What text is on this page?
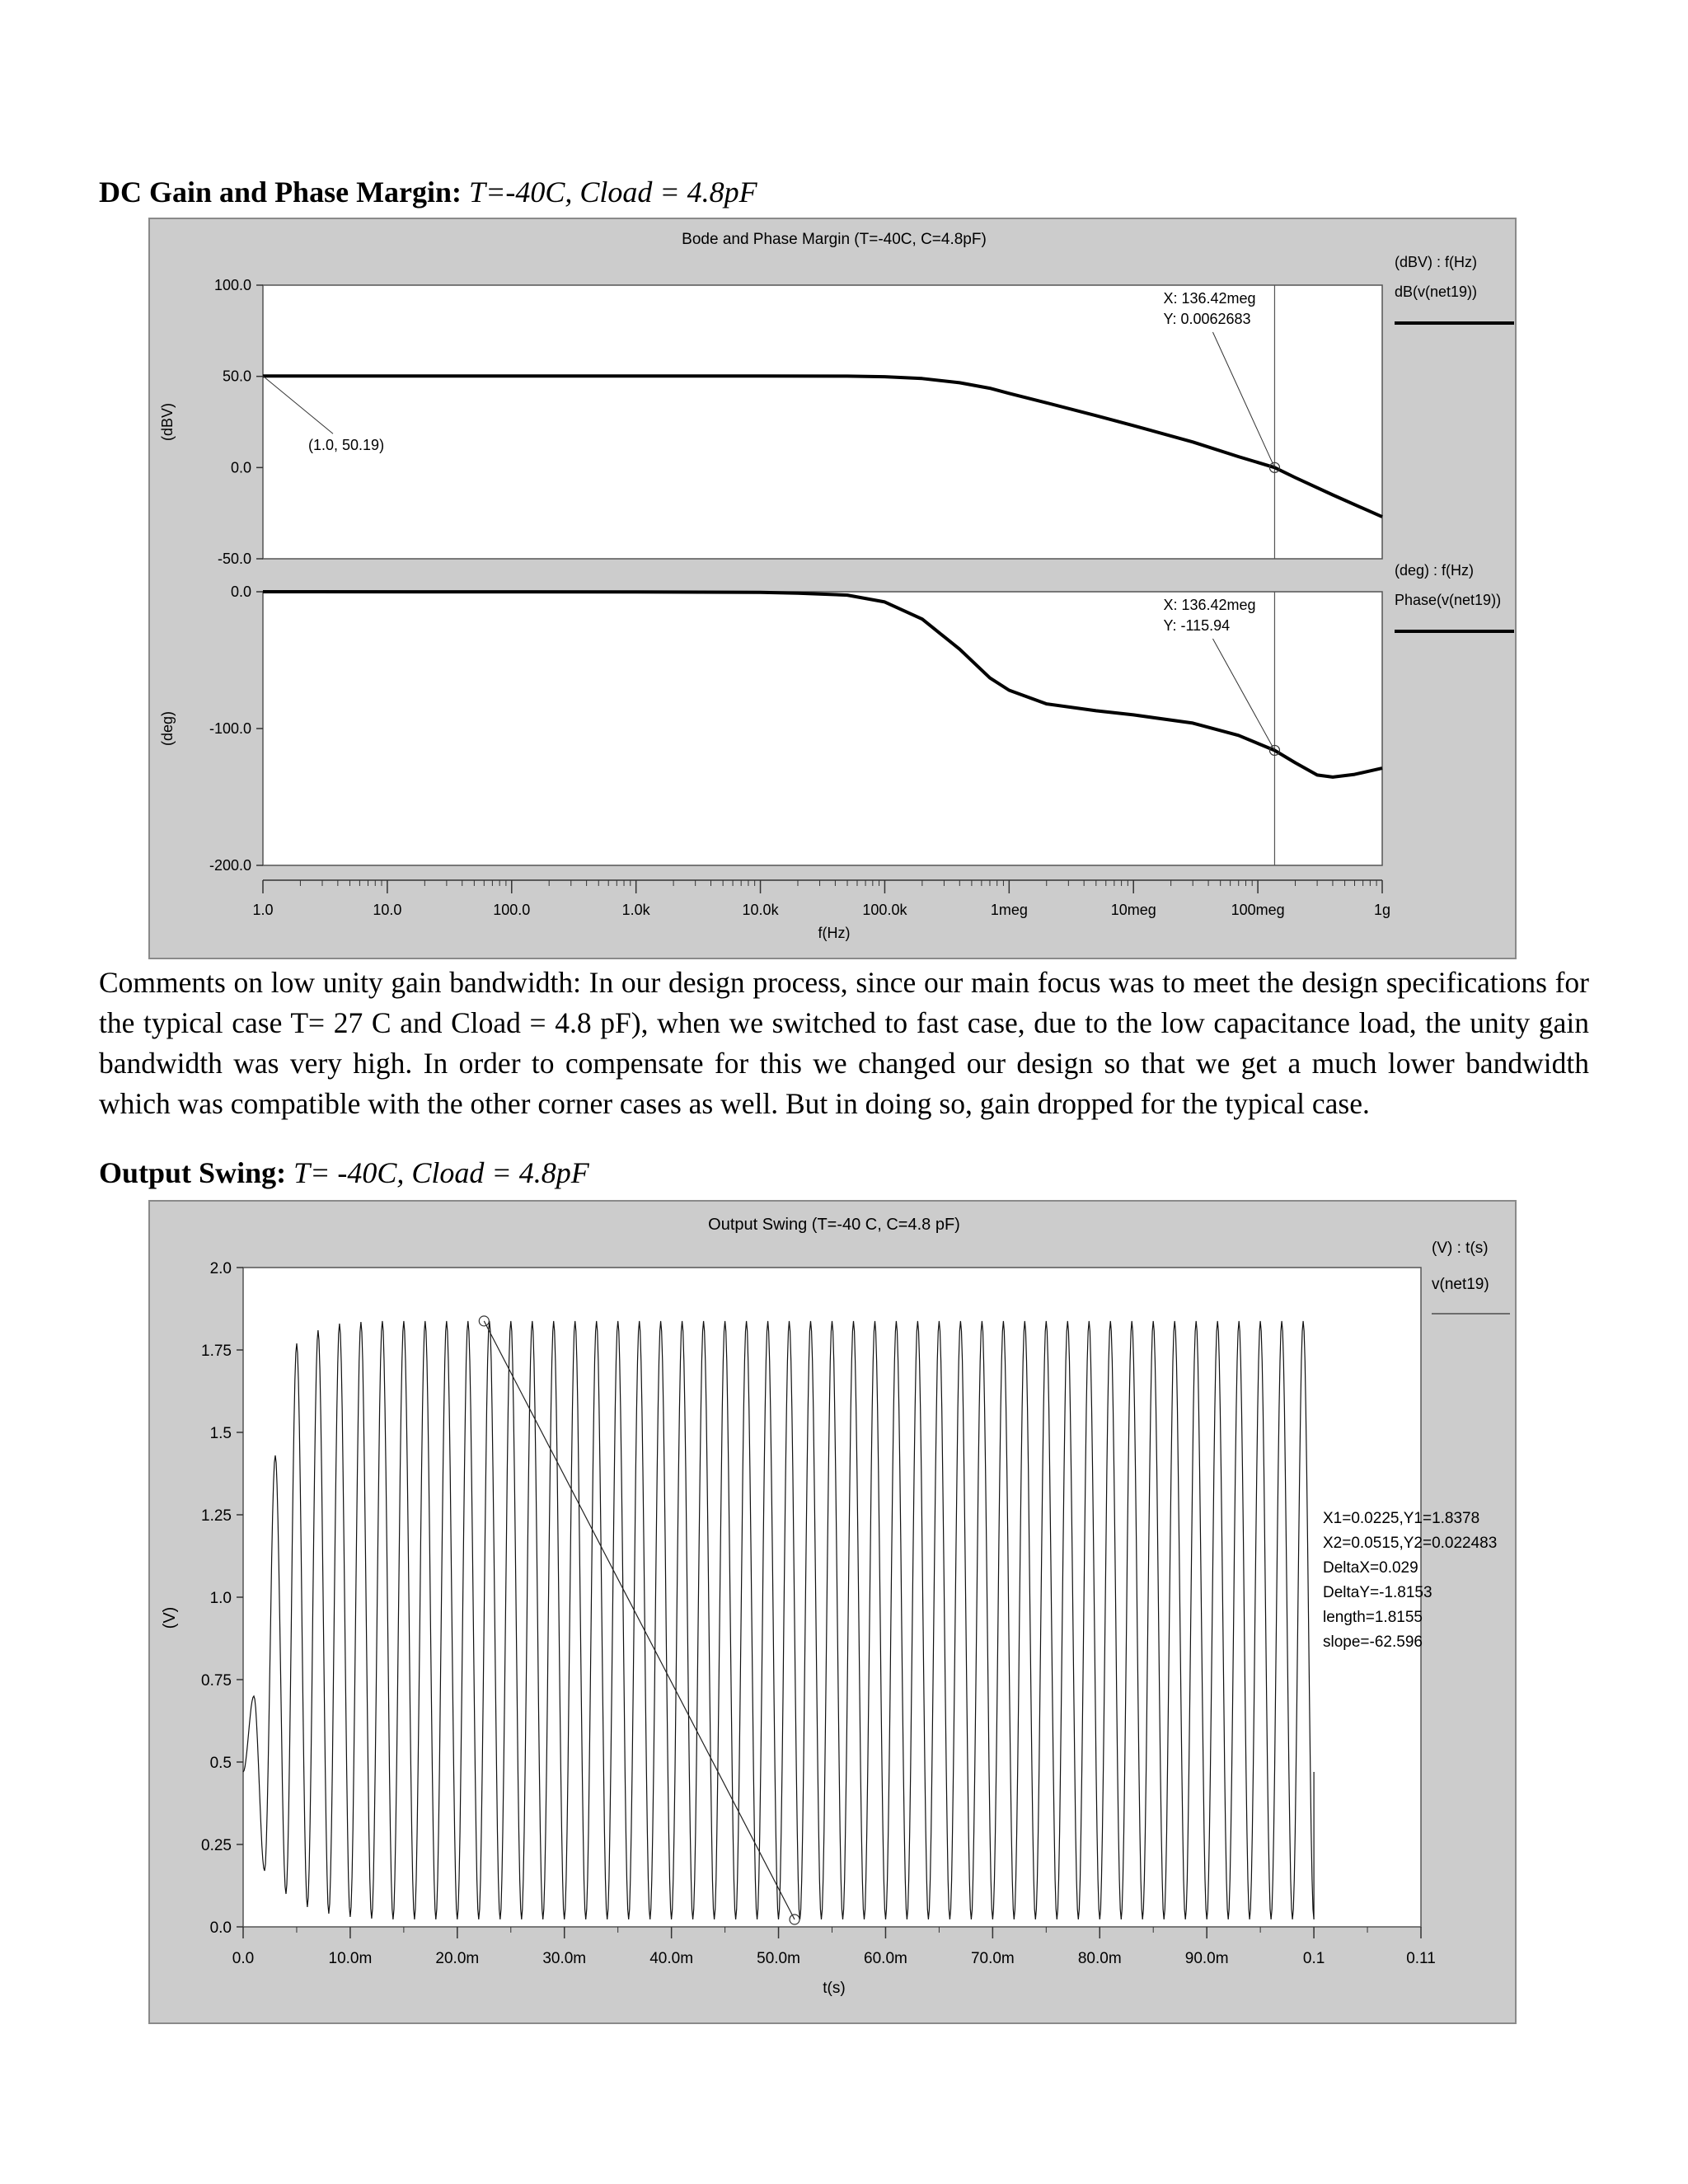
DC Gain and Phase Margin: T=-40C, Cload = 4.8pF
Bode and Phase Margin (T=-40C, C=4.8pF)
100.0
50.0
0.0
-50.0
(dBV)
(dBV) : f(Hz)
dB(v(net19))
(1.0, 50.19)
X: 136.42meg
Y: 0.0062683
0.0
-100.0
-200.0
(deg)
(deg) : f(Hz)
Phase(v(net19))
X: 136.42meg
Y: -115.94
1.0	10.0	100.0	1.0k	10.0k	100.0k	1meg	10meg	100meg	1g
f(Hz)
Comments on low unity gain bandwidth: In our design process, since our main focus was to meet the design specifications for the typical case T= 27 C and Cload = 4.8 pF), when we switched to fast case, due to the low capacitance load, the unity gain bandwidth was very high. In order to compensate for this we changed our design so that we get a much lower bandwidth which was compatible with the other corner cases as well. But in doing so, gain dropped for the typical case.
Output Swing: T= -40C, Cload = 4.8pF
Output Swing (T=-40 C, C=4.8 pF)
2.0
1.75
1.5
1.25
1.0
0.75
0.5
0.25
0.0
(V)
0.0	10.0m	20.0m	30.0m	40.0m	50.0m	60.0m	70.0m	80.0m	90.0m	0.1	0.11
t(s)
(V) : t(s)
v(net19)
X1=0.0225,Y1=1.8378
X2=0.0515,Y2=0.022483
DeltaX=0.029
DeltaY=-1.8153
length=1.8155
slope=-62.596
